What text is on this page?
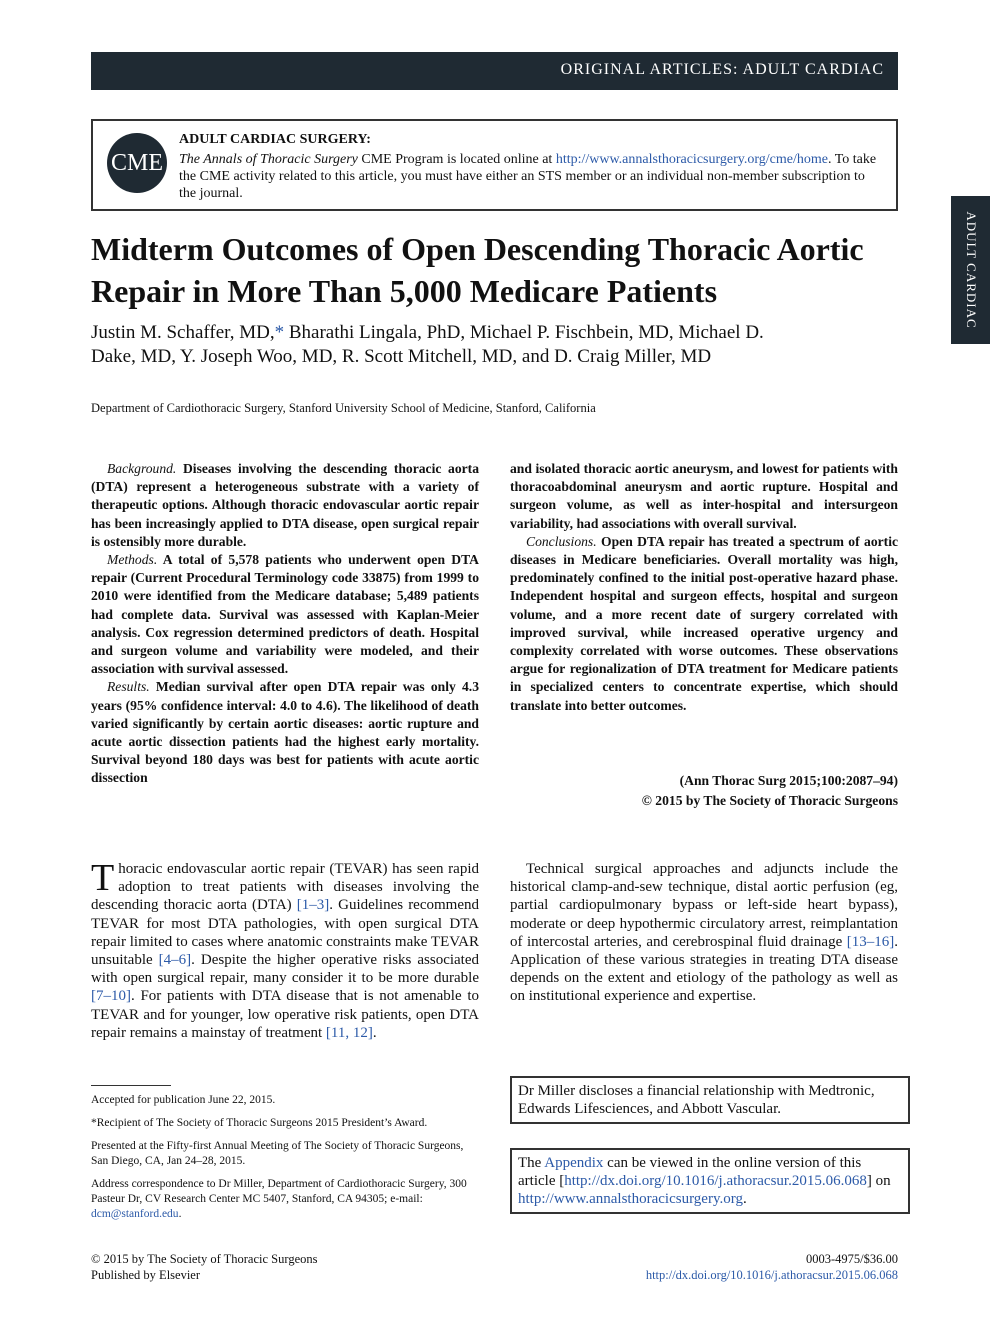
ORIGINAL ARTICLES: ADULT CARDIAC
ADULT CARDIAC
CME
ADULT CARDIAC SURGERY:
The Annals of Thoracic Surgery CME Program is located online at http://www.annalsthoracicsurgery.org/cme/home. To take the CME activity related to this article, you must have either an STS member or an individual non-member subscription to the journal.
Midterm Outcomes of Open Descending Thoracic Aortic Repair in More Than 5,000 Medicare Patients
Justin M. Schaffer, MD,* Bharathi Lingala, PhD, Michael P. Fischbein, MD, Michael D. Dake, MD, Y. Joseph Woo, MD, R. Scott Mitchell, MD, and D. Craig Miller, MD
Department of Cardiothoracic Surgery, Stanford University School of Medicine, Stanford, California

Background. Diseases involving the descending thoracic aorta (DTA) represent a heterogeneous substrate with a variety of therapeutic options. Although thoracic endovascular aortic repair has been increasingly applied to DTA disease, open surgical repair is ostensibly more durable.

Methods. A total of 5,578 patients who underwent open DTA repair (Current Procedural Terminology code 33875) from 1999 to 2010 were identified from the Medicare database; 5,489 patients had complete data. Survival was assessed with Kaplan-Meier analysis. Cox regression determined predictors of death. Hospital and surgeon volume and variability were modeled, and their association with survival assessed.

Results. Median survival after open DTA repair was only 4.3 years (95% confidence interval: 4.0 to 4.6). The likelihood of death varied significantly by certain aortic diseases: aortic rupture and acute aortic dissection patients had the highest early mortality. Survival beyond 180 days was best for patients with acute aortic dissection

and isolated thoracic aortic aneurysm, and lowest for patients with thoracoabdominal aneurysm and aortic rupture. Hospital and surgeon volume, as well as inter-hospital and intersurgeon variability, had associations with overall survival.

Conclusions. Open DTA repair has treated a spectrum of aortic diseases in Medicare beneficiaries. Overall mortality was high, predominately confined to the initial post-operative hazard phase. Independent hospital and surgeon effects, hospital and surgeon volume, and a more recent date of surgery correlated with improved survival, while increased operative urgency and complexity correlated with worse outcomes. These observations argue for regionalization of DTA treatment for Medicare patients in specialized centers to concentrate expertise, which should translate into better outcomes.

(Ann Thorac Surg 2015;100:2087–94)
© 2015 by The Society of Thoracic Surgeons

Thoracic endovascular aortic repair (TEVAR) has seen rapid adoption to treat patients with diseases involving the descending thoracic aorta (DTA) [1–3]. Guidelines recommend TEVAR for most DTA pathologies, with open surgical DTA repair limited to cases where anatomic constraints make TEVAR unsuitable [4–6]. Despite the higher operative risks associated with open surgical repair, many consider it to be more durable [7–10]. For patients with DTA disease that is not amenable to TEVAR and for younger, low operative risk patients, open DTA repair remains a mainstay of treatment [11, 12].

Technical surgical approaches and adjuncts include the historical clamp-and-sew technique, distal aortic perfusion (eg, partial cardiopulmonary bypass or left-side heart bypass), moderate or deep hypothermic circulatory arrest, reimplantation of intercostal arteries, and cerebrospinal fluid drainage [13–16]. Application of these various strategies in treating DTA disease depends on the extent and etiology of the pathology as well as on institutional experience and expertise.

Accepted for publication June 22, 2015.

*Recipient of The Society of Thoracic Surgeons 2015 President’s Award.

Presented at the Fifty-first Annual Meeting of The Society of Thoracic Surgeons, San Diego, CA, Jan 24–28, 2015.

Address correspondence to Dr Miller, Department of Cardiothoracic Surgery, 300 Pasteur Dr, CV Research Center MC 5407, Stanford, CA 94305; e-mail: dcm@stanford.edu.

Dr Miller discloses a financial relationship with Medtronic, Edwards Lifesciences, and Abbott Vascular.
The Appendix can be viewed in the online version of this article [http://dx.doi.org/10.1016/j.athoracsur.2015.06.068] on http://www.annalsthoracicsurgery.org.
© 2015 by The Society of Thoracic Surgeons
Published by Elsevier
0003-4975/$36.00
http://dx.doi.org/10.1016/j.athoracsur.2015.06.068
